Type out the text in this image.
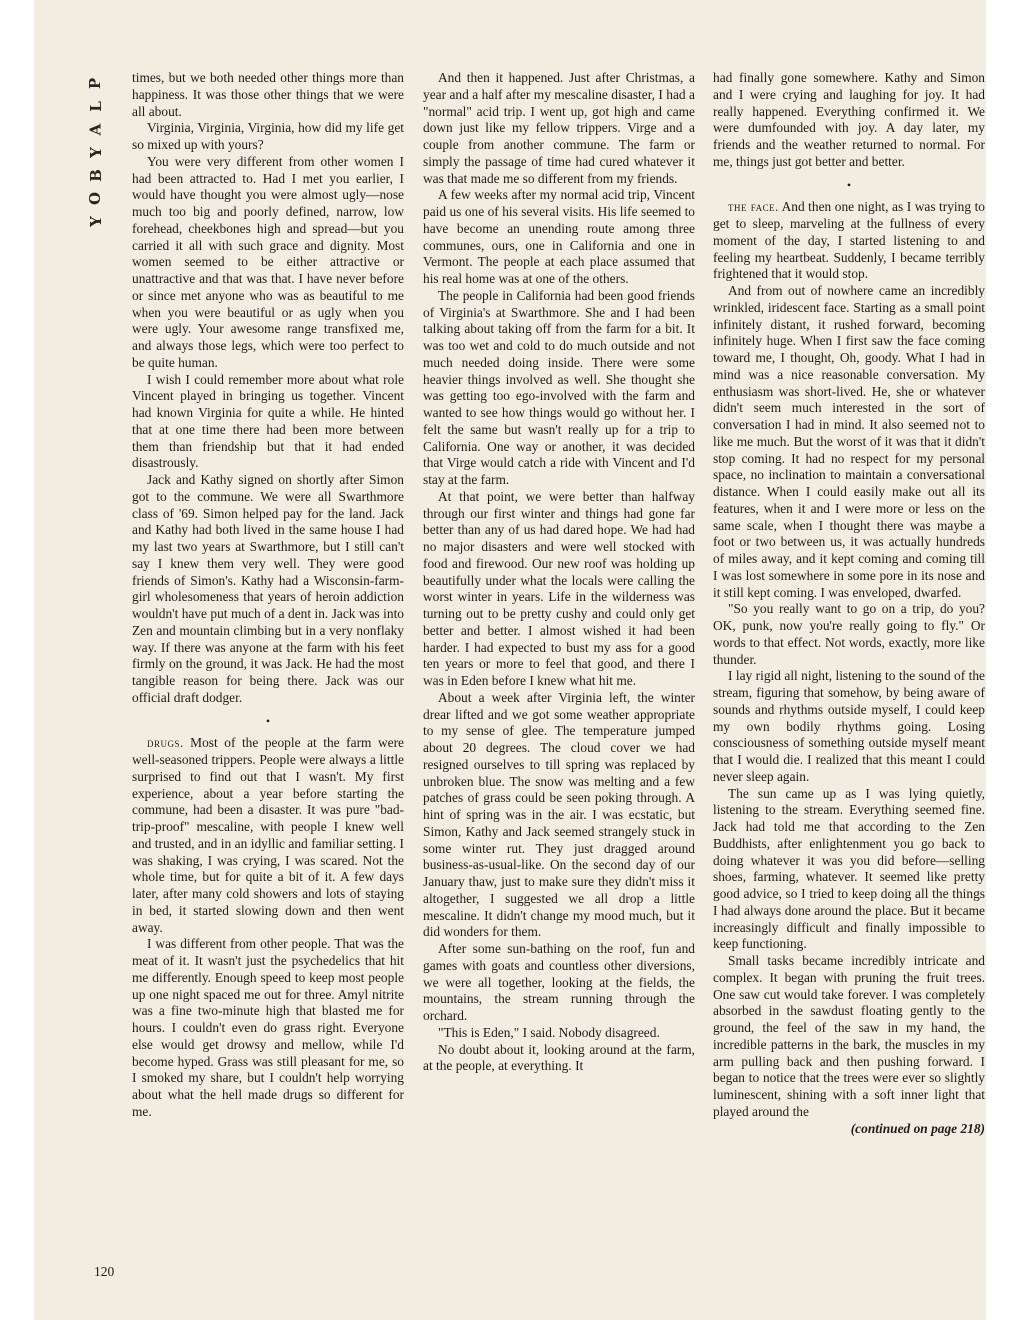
P
L
A
Y
B
O
Y

times, but we both needed other things more than happiness. It was those other things that we were all about.

Virginia, Virginia, Virginia, how did my life get so mixed up with yours?

You were very different from other women I had been attracted to. Had I met you earlier, I would have thought you were almost ugly—nose much too big and poorly defined, narrow, low forehead, cheekbones high and spread—but you carried it all with such grace and dignity. Most women seemed to be either attractive or unattractive and that was that. I have never before or since met anyone who was as beautiful to me when you were beautiful or as ugly when you were ugly. Your awesome range transfixed me, and always those legs, which were too perfect to be quite human.

I wish I could remember more about what role Vincent played in bringing us together. Vincent had known Virginia for quite a while. He hinted that at one time there had been more between them than friendship but that it had ended disastrously.

Jack and Kathy signed on shortly after Simon got to the commune. We were all Swarthmore class of '69. Simon helped pay for the land. Jack and Kathy had both lived in the same house I had my last two years at Swarthmore, but I still can't say I knew them very well. They were good friends of Simon's. Kathy had a Wisconsin-farm-girl wholesomeness that years of heroin addiction wouldn't have put much of a dent in. Jack was into Zen and mountain climbing but in a very nonflaky way. If there was anyone at the farm with his feet firmly on the ground, it was Jack. He had the most tangible reason for being there. Jack was our official draft dodger.

•

drugs. Most of the people at the farm were well-seasoned trippers. People were always a little surprised to find out that I wasn't. My first experience, about a year before starting the commune, had been a disaster. It was pure "bad-trip-proof" mescaline, with people I knew well and trusted, and in an idyllic and familiar setting. I was shaking, I was crying, I was scared. Not the whole time, but for quite a bit of it. A few days later, after many cold showers and lots of staying in bed, it started slowing down and then went away.

I was different from other people. That was the meat of it. It wasn't just the psychedelics that hit me differently. Enough speed to keep most people up one night spaced me out for three. Amyl nitrite was a fine two-minute high that blasted me for hours. I couldn't even do grass right. Everyone else would get drowsy and mellow, while I'd become hyped. Grass was still pleasant for me, so I smoked my share, but I couldn't help worrying about what the hell made drugs so different for me.

And then it happened. Just after Christmas, a year and a half after my mescaline disaster, I had a "normal" acid trip. I went up, got high and came down just like my fellow trippers. Virge and a couple from another commune. The farm or simply the passage of time had cured whatever it was that made me so different from my friends.

A few weeks after my normal acid trip, Vincent paid us one of his several visits. His life seemed to have become an unending route among three communes, ours, one in California and one in Vermont. The people at each place assumed that his real home was at one of the others.

The people in California had been good friends of Virginia's at Swarthmore. She and I had been talking about taking off from the farm for a bit. It was too wet and cold to do much outside and not much needed doing inside. There were some heavier things involved as well. She thought she was getting too ego-involved with the farm and wanted to see how things would go without her. I felt the same but wasn't really up for a trip to California. One way or another, it was decided that Virge would catch a ride with Vincent and I'd stay at the farm.

At that point, we were better than halfway through our first winter and things had gone far better than any of us had dared hope. We had had no major disasters and were well stocked with food and firewood. Our new roof was holding up beautifully under what the locals were calling the worst winter in years. Life in the wilderness was turning out to be pretty cushy and could only get better and better. I almost wished it had been harder. I had expected to bust my ass for a good ten years or more to feel that good, and there I was in Eden before I knew what hit me.

About a week after Virginia left, the winter drear lifted and we got some weather appropriate to my sense of glee. The temperature jumped about 20 degrees. The cloud cover we had resigned ourselves to till spring was replaced by unbroken blue. The snow was melting and a few patches of grass could be seen poking through. A hint of spring was in the air. I was ecstatic, but Simon, Kathy and Jack seemed strangely stuck in some winter rut. They just dragged around business-as-usual-like. On the second day of our January thaw, just to make sure they didn't miss it altogether, I suggested we all drop a little mescaline. It didn't change my mood much, but it did wonders for them.

After some sun-bathing on the roof, fun and games with goats and countless other diversions, we were all together, looking at the fields, the mountains, the stream running through the orchard.

"This is Eden," I said. Nobody disagreed.

No doubt about it, looking around at the farm, at the people, at everything. It

had finally gone somewhere. Kathy and Simon and I were crying and laughing for joy. It had really happened. Everything confirmed it. We were dumfounded with joy. A day later, my friends and the weather returned to normal. For me, things just got better and better.

•

the face. And then one night, as I was trying to get to sleep, marveling at the fullness of every moment of the day, I started listening to and feeling my heartbeat. Suddenly, I became terribly frightened that it would stop.

And from out of nowhere came an incredibly wrinkled, iridescent face. Starting as a small point infinitely distant, it rushed forward, becoming infinitely huge. When I first saw the face coming toward me, I thought, Oh, goody. What I had in mind was a nice reasonable conversation. My enthusiasm was short-lived. He, she or whatever didn't seem much interested in the sort of conversation I had in mind. It also seemed not to like me much. But the worst of it was that it didn't stop coming. It had no respect for my personal space, no inclination to maintain a conversational distance. When I could easily make out all its features, when it and I were more or less on the same scale, when I thought there was maybe a foot or two between us, it was actually hundreds of miles away, and it kept coming and coming till I was lost somewhere in some pore in its nose and it still kept coming. I was enveloped, dwarfed.

"So you really want to go on a trip, do you? OK, punk, now you're really going to fly." Or words to that effect. Not words, exactly, more like thunder.

I lay rigid all night, listening to the sound of the stream, figuring that somehow, by being aware of sounds and rhythms outside myself, I could keep my own bodily rhythms going. Losing consciousness of something outside myself meant that I would die. I realized that this meant I could never sleep again.

The sun came up as I was lying quietly, listening to the stream. Everything seemed fine. Jack had told me that according to the Zen Buddhists, after enlightenment you go back to doing whatever it was you did before—selling shoes, farming, whatever. It seemed like pretty good advice, so I tried to keep doing all the things I had always done around the place. But it became increasingly difficult and finally impossible to keep functioning.

Small tasks became incredibly intricate and complex. It began with pruning the fruit trees. One saw cut would take forever. I was completely absorbed in the sawdust floating gently to the ground, the feel of the saw in my hand, the incredible patterns in the bark, the muscles in my arm pulling back and then pushing forward. I began to notice that the trees were ever so slightly luminescent, shining with a soft inner light that played around the

(continued on page 218)
120
